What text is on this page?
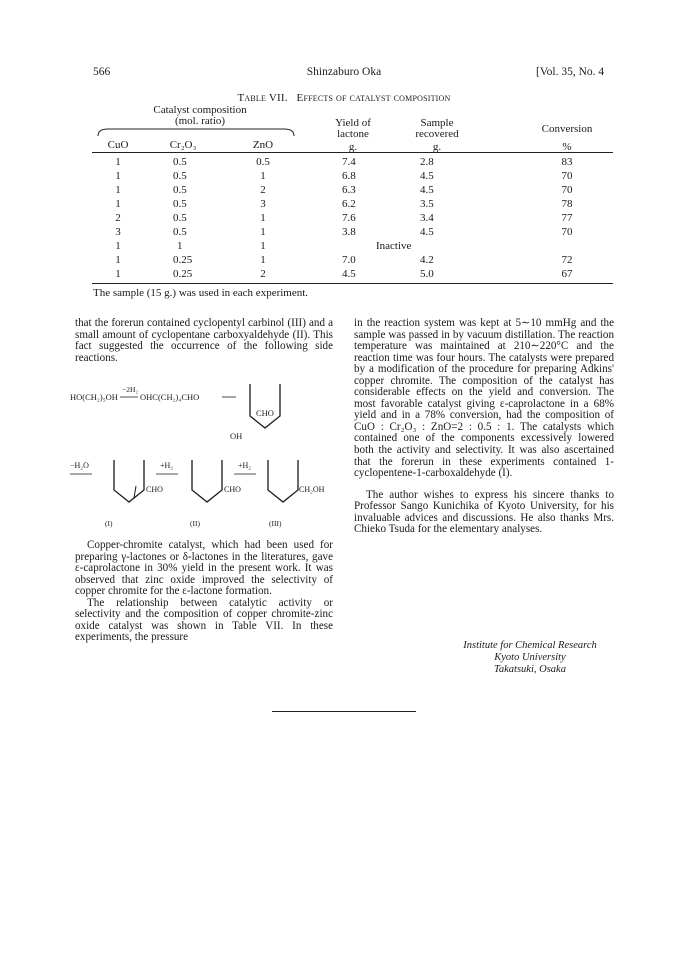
566	Shinzaburo Oka	[Vol. 35, No. 4
Table VII. Effects of catalyst composition
Catalyst composition
(mol. ratio)
CuO	Cr₂O₃	ZnO
Yield of
lactone
g.
Sample
recovered
g.
Conversion
%
1	0.5	0.5	7.4	2.8	83
1	0.5	1	6.8	4.5	70
1	0.5	2	6.3	4.5	70
1	0.5	3	6.2	3.5	78
2	0.5	1	7.6	3.4	77
3	0.5	1	3.8	4.5	70
1	1	1	Inactive
1	0.25	1	7.0	4.2	72
1	0.25	2	4.5	5.0	67
The sample (15 g.) was used in each experiment.

that the forerun contained cyclopentyl carbinol (III) and a small amount of cyclopentane carboxyaldehyde (II). This fact suggested the occurrence of the following side reactions.

HO(CH₂)₅OH
−2H₂
OHC(CH₂)₄CHO
OH
CHO
−H₂O
CHO
+H₂
CHO
+H₂
CH₂OH
(I)	(II)	(III)

Copper-chromite catalyst, which had been used for preparing γ-lactones or δ-lactones in the literatures, gave ε-caprolactone in 30% yield in the present work. It was observed that zinc oxide improved the selectivity of copper chromite for the ε-lactone formation.

The relationship between catalytic activity or selectivity and the composition of copper chromite-zinc oxide catalyst was shown in Table VII. In these experiments, the pressure

in the reaction system was kept at 5∼10 mmHg and the sample was passed in by vacuum distillation. The reaction temperature was maintained at 210∼220°C and the reaction time was four hours. The catalysts were prepared by a modification of the procedure for preparing Adkins' copper chromite. The composition of the catalyst has considerable effects on the yield and conversion. The most favorable catalyst giving ε-caprolactone in a 68% yield and in a 78% conversion, had the composition of CuO : Cr₂O₃ : ZnO=2 : 0.5 : 1. The catalysts which contained one of the components excessively lowered both the activity and selectivity. It was also ascertained that the forerun in these experiments contained 1-cyclopentene-1-carboxaldehyde (I).

The author wishes to express his sincere thanks to Professor Sango Kunichika of Kyoto University, for his invaluable advices and discussions. He also thanks Mrs. Chieko Tsuda for the elementary analyses.

Institute for Chemical Research
Kyoto University
Takatsuki, Osaka
